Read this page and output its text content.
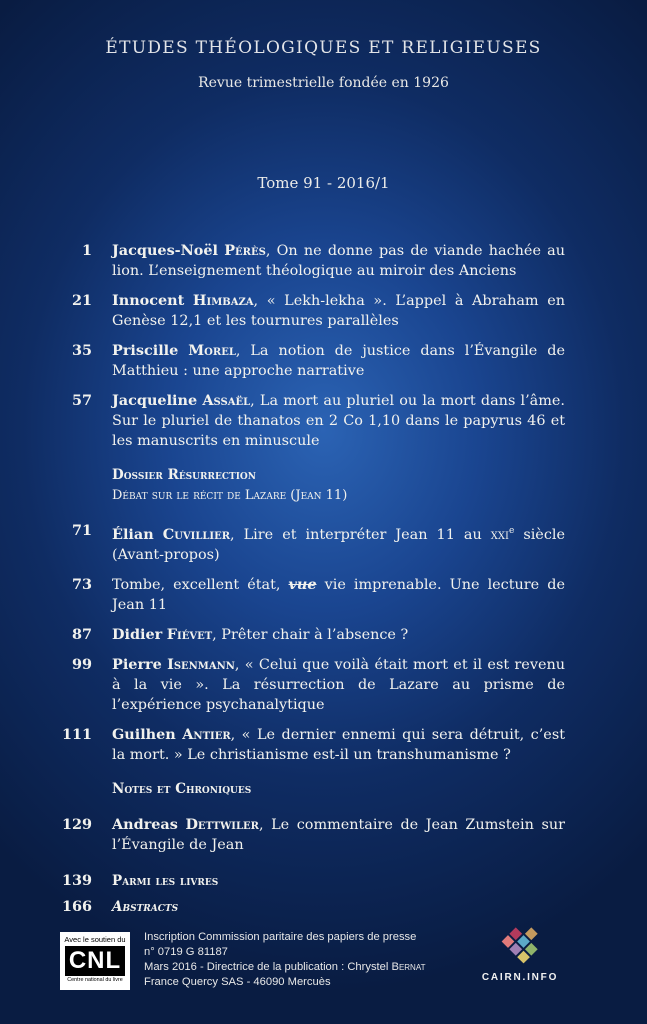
ÉTUDES THÉOLOGIQUES ET RELIGIEUSES
Revue trimestrielle fondée en 1926
Tome 91 - 2016/1
1 Jacques-Noël Pérès, On ne donne pas de viande hachée au lion. L’enseignement théologique au miroir des Anciens
21 Innocent Himbaza, « Lekh-lekha ». L’appel à Abraham en Genèse 12,1 et les tournures parallèles
35 Priscille Morel, La notion de justice dans l’Évangile de Matthieu : une approche narrative
57 Jacqueline Assaël, La mort au pluriel ou la mort dans l’âme. Sur le pluriel de thanatos en 2 Co 1,10 dans le papyrus 46 et les manuscrits en minuscule
Dossier Résurrection
Débat sur le récit de Lazare (Jean 11)
71 Élian Cuvillier, Lire et interpréter Jean 11 au xxi$^e$ siècle (Avant-propos)
73 Tombe, excellent état, vue vie imprenable. Une lecture de Jean 11
87 Didier Fiévet, Prêter chair à l’absence ?
99 Pierre Isenmann, « Celui que voilà était mort et il est revenu à la vie ». La résurrection de Lazare au prisme de l’expérience psychanalytique
111 Guilhen Antier, « Le dernier ennemi qui sera détruit, c’est la mort. » Le christianisme est-il un transhumanisme ?
Notes et Chroniques
129 Andreas Dettwiler, Le commentaire de Jean Zumstein sur l’Évangile de Jean
139 Parmi les livres
166 Abstracts
Avec le soutien du
CNL
Centre national du livre
Inscription Commission paritaire des papiers de presse
n° 0719 G 81187
Mars 2016 - Directrice de la publication : Chrystel Bernat
France Quercy SAS - 46090 Mercuès	CAIRN.INFO
